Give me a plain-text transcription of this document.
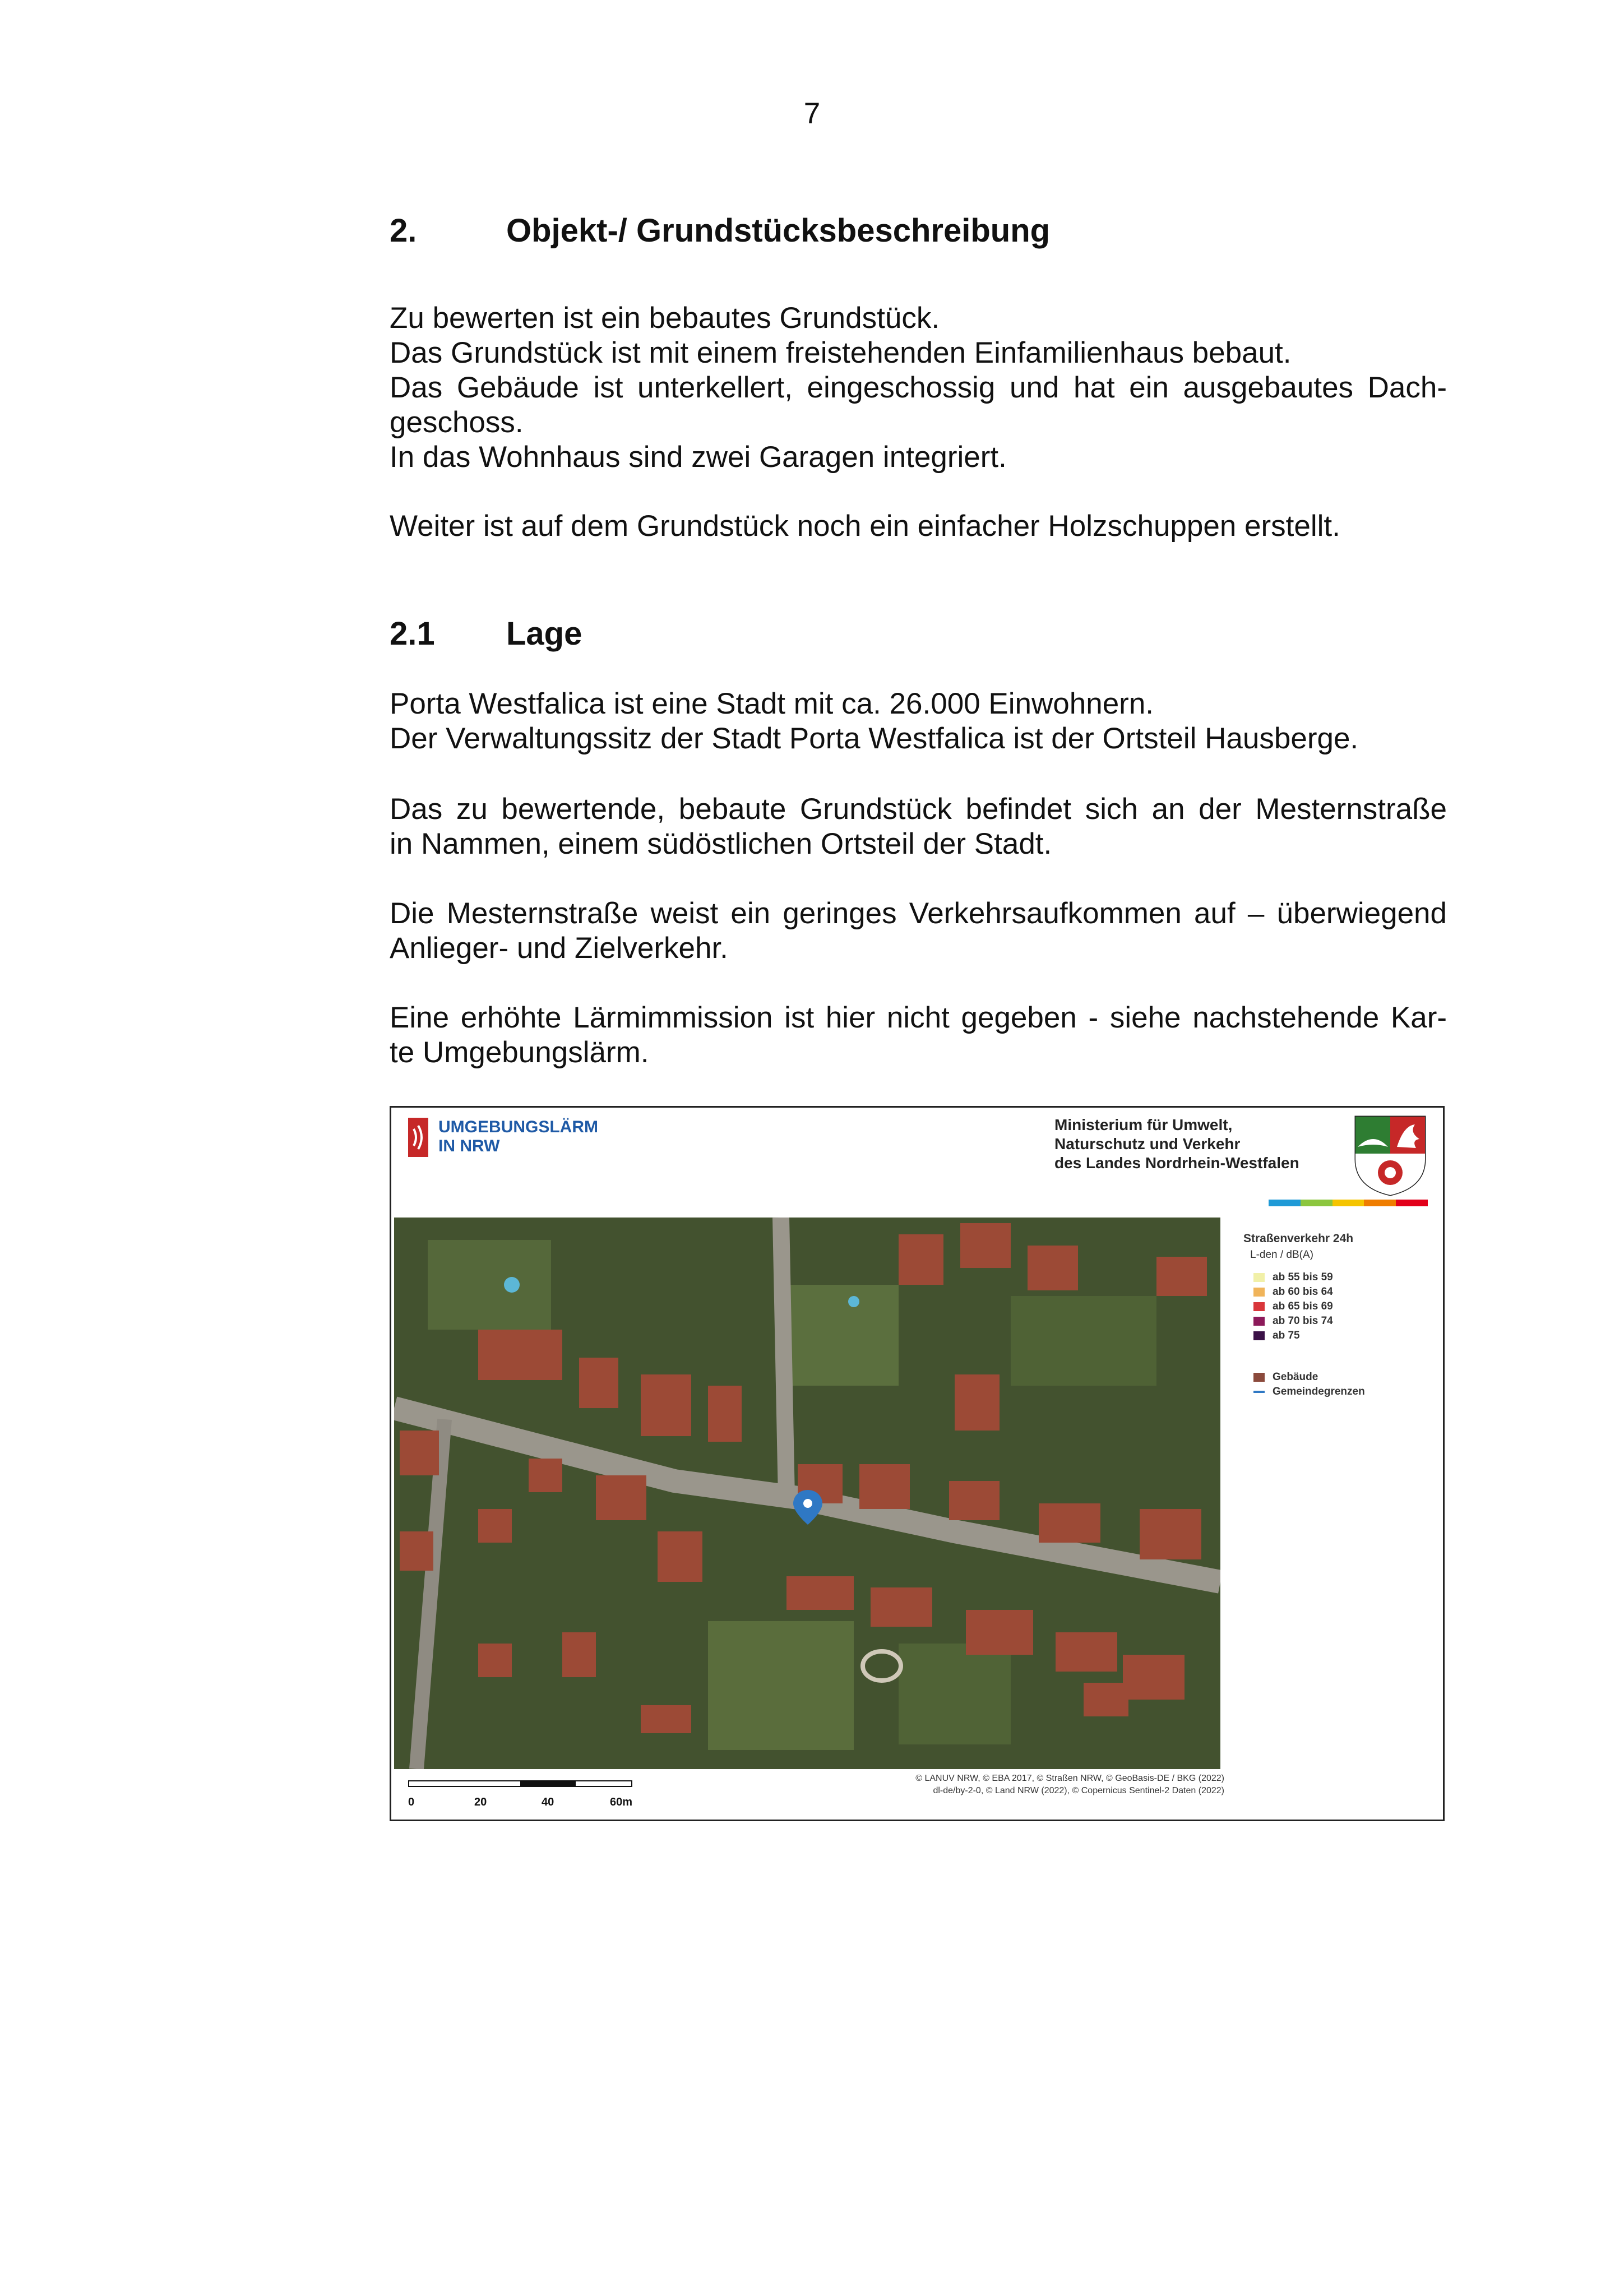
7
2.	Objekt-/ Grundstücksbeschreibung

Zu bewerten ist ein bebautes Grundstück.

Das Grundstück ist mit einem freistehenden Einfamilienhaus bebaut.

Das Gebäude ist unterkellert, eingeschossig und hat ein ausgebautes Dach-

geschoss.

In das Wohnhaus sind zwei Garagen integriert.

Weiter ist auf dem Grundstück noch ein einfacher Holzschuppen erstellt.

2.1 Lage

Porta Westfalica ist eine Stadt mit ca. 26.000 Einwohnern.

Der Verwaltungssitz der Stadt Porta Westfalica ist der Ortsteil Hausberge.

Das zu bewertende, bebaute Grundstück befindet sich an der Mesternstraße

in Nammen, einem südöstlichen Ortsteil der Stadt.

Die Mesternstraße weist ein geringes Verkehrsaufkommen auf – überwiegend

Anlieger- und Zielverkehr.

Eine erhöhte Lärmimmission ist hier nicht gegeben - siehe nachstehende Kar-

te Umgebungslärm.

UMGEBUNGSLÄRM
IN NRW
Ministerium für Umwelt,
Naturschutz und Verkehr
des Landes Nordrhein-Westfalen
Straßenverkehr 24h
L-den / dB(A)
ab 55 bis 59
ab 60 bis 64
ab 65 bis 69
ab 70 bis 74
ab 75
Gebäude
Gemeindegrenzen
0	20	40	60m
© LANUV NRW, © EBA 2017, © Straßen NRW, © GeoBasis-DE / BKG (2022)
dl-de/by-2-0, © Land NRW (2022), © Copernicus Sentinel-2 Daten (2022)
